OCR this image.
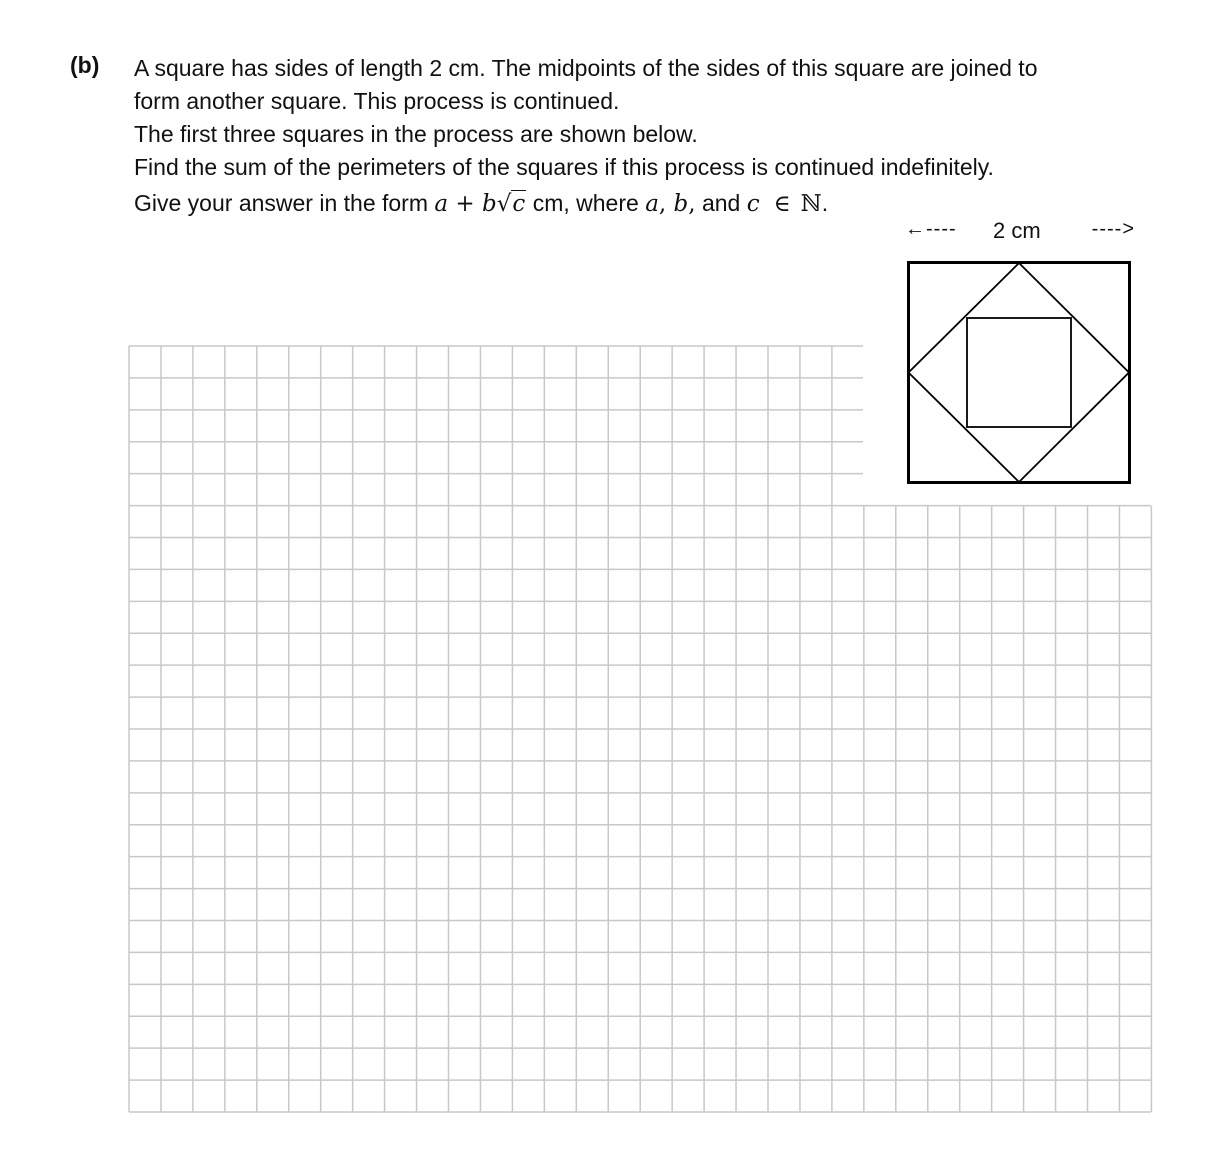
(b) A square has sides of length 2 cm. The midpoints of the sides of this square are joined to
form another square. This process is continued.
The first three squares in the process are shown below.
Find the sum of the perimeters of the squares if this process is continued indefinitely.
Give your answer in the form a + b√c cm, where a, b, and c ∈ ℕ.
←---- 2 cm	---->
